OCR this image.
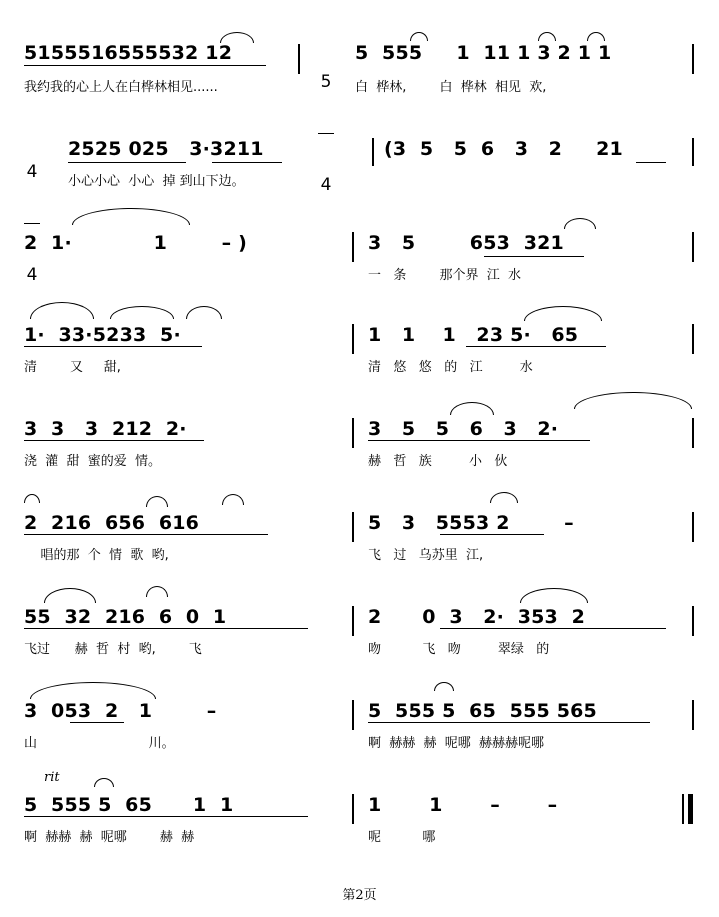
5155516555532 12
我约我的心上人在白桦林相见......

	5

4

5  555     1  11 1 3 2 1 1
白  桦林,        白  桦林  相见  欢,

4

4

2525 025   3·3211
小心小心  小心  掉 到山下边。
(3  5   5  6   3   2     21
2  1·            1        – )	3   5        653  321
一   条        那个界  江  水
1·  33·5233  5·
清        又     甜,
1   1    1   23 5·   65
清   悠   悠   的   江         水
3  3   3  212  2·
浇  灌  甜  蜜的爱  情。
3   5   5   6   3   2·
赫   哲   族         小   伙
2  216  656  616
唱的那  个  情  歌  哟,
5   3   5553 2        –
飞   过   乌苏里  江,
55  32  216  6  0  1
飞过      赫  哲  村  哟,        飞
2      0  3   2·  353  2
吻          飞   吻         翠绿   的
3  053  2   1        –
山                           川。
5  555 5  65  555 565
啊  赫赫  赫  呢哪  赫赫赫呢哪
rit
5  555 5  65      1  1
啊  赫赫  赫  呢哪        赫  赫
1       1       –       –
呢          哪
第2页
